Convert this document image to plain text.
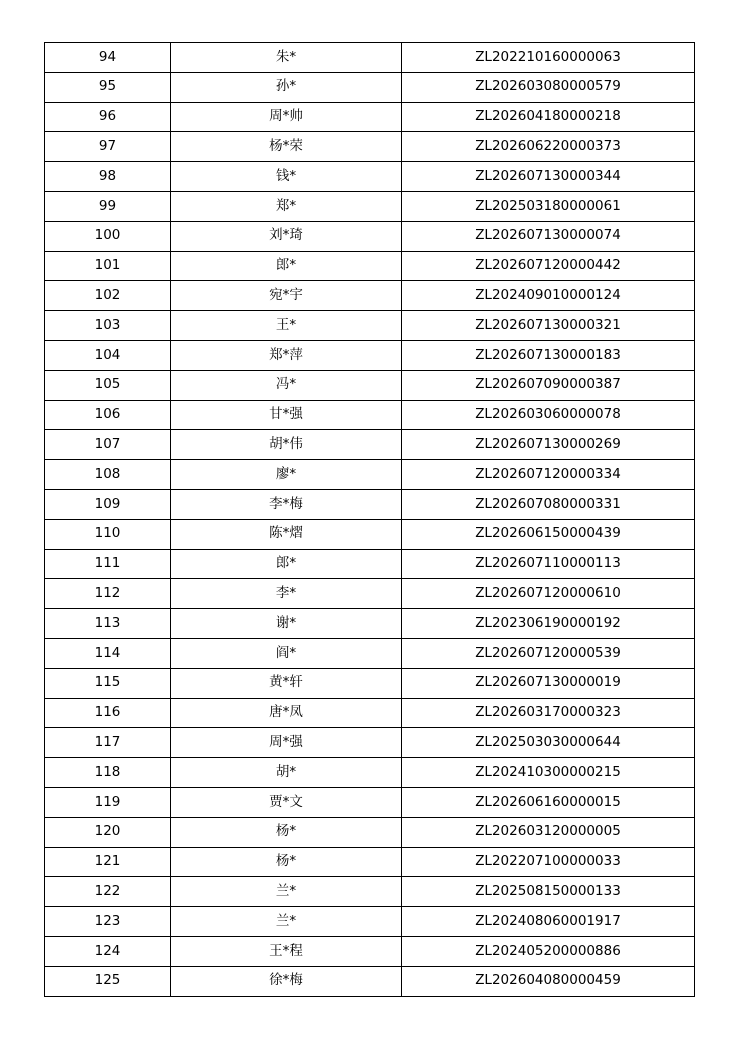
94	朱*	ZL202210160000063
95	孙*	ZL202603080000579
96	周*帅	ZL202604180000218
97	杨*荣	ZL202606220000373
98	钱*	ZL202607130000344
99	郑*	ZL202503180000061
100	刘*琦	ZL202607130000074
101	郎*	ZL202607120000442
102	宛*宇	ZL202409010000124
103	王*	ZL202607130000321
104	郑*萍	ZL202607130000183
105	冯*	ZL202607090000387
106	甘*强	ZL202603060000078
107	胡*伟	ZL202607130000269
108	廖*	ZL202607120000334
109	李*梅	ZL202607080000331
110	陈*熠	ZL202606150000439
111	郎*	ZL202607110000113
112	李*	ZL202607120000610
113	谢*	ZL202306190000192
114	阎*	ZL202607120000539
115	黄*轩	ZL202607130000019
116	唐*凤	ZL202603170000323
117	周*强	ZL202503030000644
118	胡*	ZL202410300000215
119	贾*文	ZL202606160000015
120	杨*	ZL202603120000005
121	杨*	ZL202207100000033
122	兰*	ZL202508150000133
123	兰*	ZL202408060001917
124	王*程	ZL202405200000886
125	徐*梅	ZL202604080000459
